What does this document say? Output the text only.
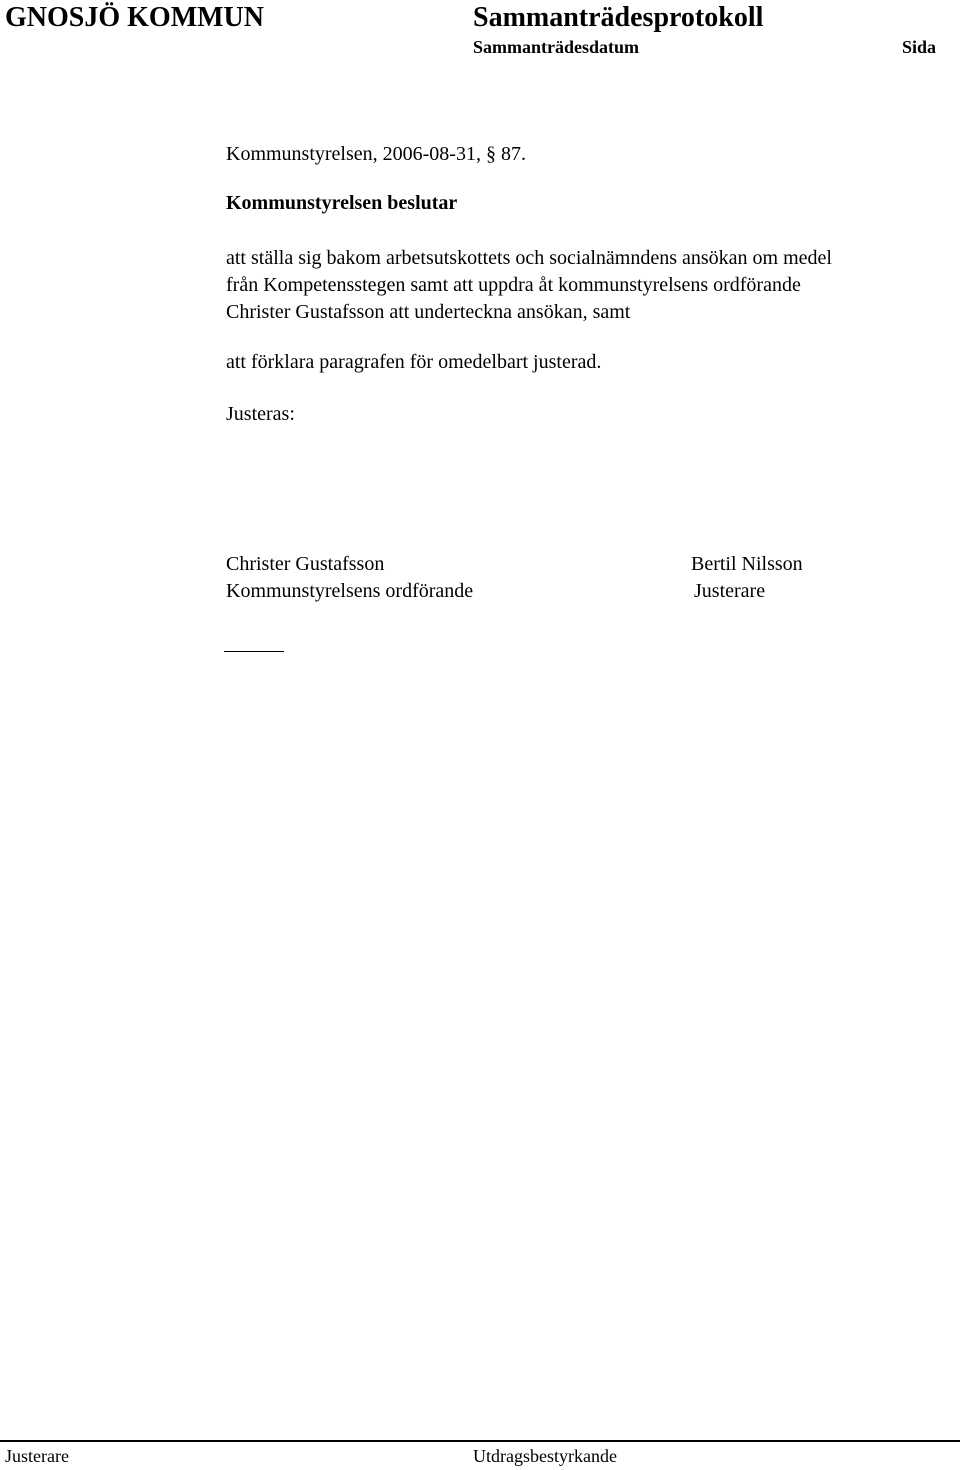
GNOSJÖ KOMMUN	Sammanträdesprotokoll
Sammanträdesdatum	Sida
Kommunstyrelsen, 2006-08-31, § 87.
Kommunstyrelsen beslutar
att ställa sig bakom arbetsutskottets och socialnämndens ansökan om medel
från Kompetensstegen samt att uppdra åt kommunstyrelsens ordförande
Christer Gustafsson att underteckna ansökan, samt
att förklara paragrafen för omedelbart justerad.
Justeras:
Christer Gustafsson
Kommunstyrelsens ordförande
Bertil Nilsson
Justerare
Justerare	Utdragsbestyrkande
